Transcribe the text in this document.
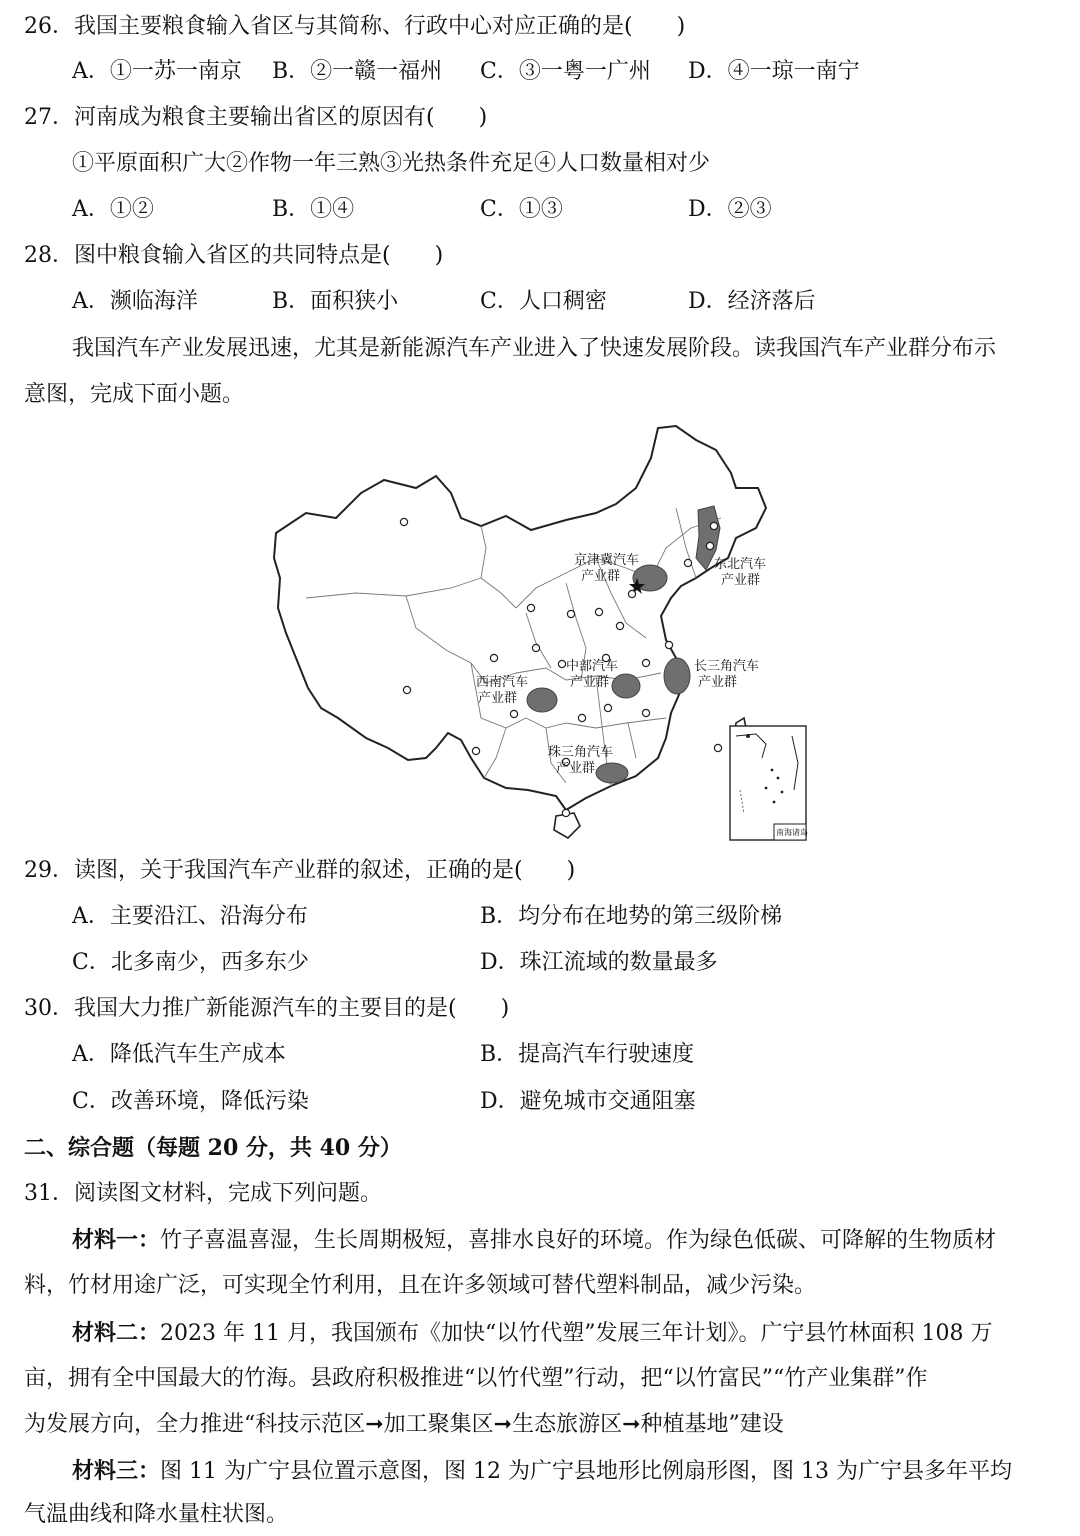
26．我国主要粮食输入省区与其简称、行政中心对应正确的是(　　)
A．①一苏一南京 B．②一赣一福州 C．③一粤一广州 D．④一琼一南宁
27．河南成为粮食主要输出省区的原因有(　　)
①平原面积广大②作物一年三熟③光热条件充足④人口数量相对少
A．①②	B．①④	C．①③	D．②③
28．图中粮食输入省区的共同特点是(　　)
A．濒临海洋	B．面积狭小	C．人口稠密	D．经济落后
我国汽车产业发展迅速，尤其是新能源汽车产业进入了快速发展阶段。读我国汽车产业群分布示
意图，完成下面小题。
京津冀汽车
产业群
东北汽车
产业群
中部汽车
产业群
长三角汽车
产业群
西南汽车
产业群
珠三角汽车
产业群
南海诸岛
29．读图，关于我国汽车产业群的叙述，正确的是(　　)
A．主要沿江、沿海分布	B．均分布在地势的第三级阶梯
C．北多南少，西多东少	D．珠江流域的数量最多
30．我国大力推广新能源汽车的主要目的是(　　)
A．降低汽车生产成本	B．提高汽车行驶速度
C．改善环境，降低污染	D．避免城市交通阻塞
二、综合题（每题 20 分，共 40 分）
31．阅读图文材料，完成下列问题。
材料一：竹子喜温喜湿，生长周期极短，喜排水良好的环境。作为绿色低碳、可降解的生物质材
料，竹材用途广泛，可实现全竹利用，且在许多领域可替代塑料制品，减少污染。
材料二：2023 年 11 月，我国颁布《加快“以竹代塑”发展三年计划》。广宁县竹林面积 108 万
亩，拥有全中国最大的竹海。县政府积极推进“以竹代塑”行动，把“以竹富民”“竹产业集群”作
为发展方向，全力推进“科技示范区➞加工聚集区➞生态旅游区➞种植基地”建设
材料三：图 11 为广宁县位置示意图，图 12 为广宁县地形比例扇形图，图 13 为广宁县多年平均
气温曲线和降水量柱状图。
